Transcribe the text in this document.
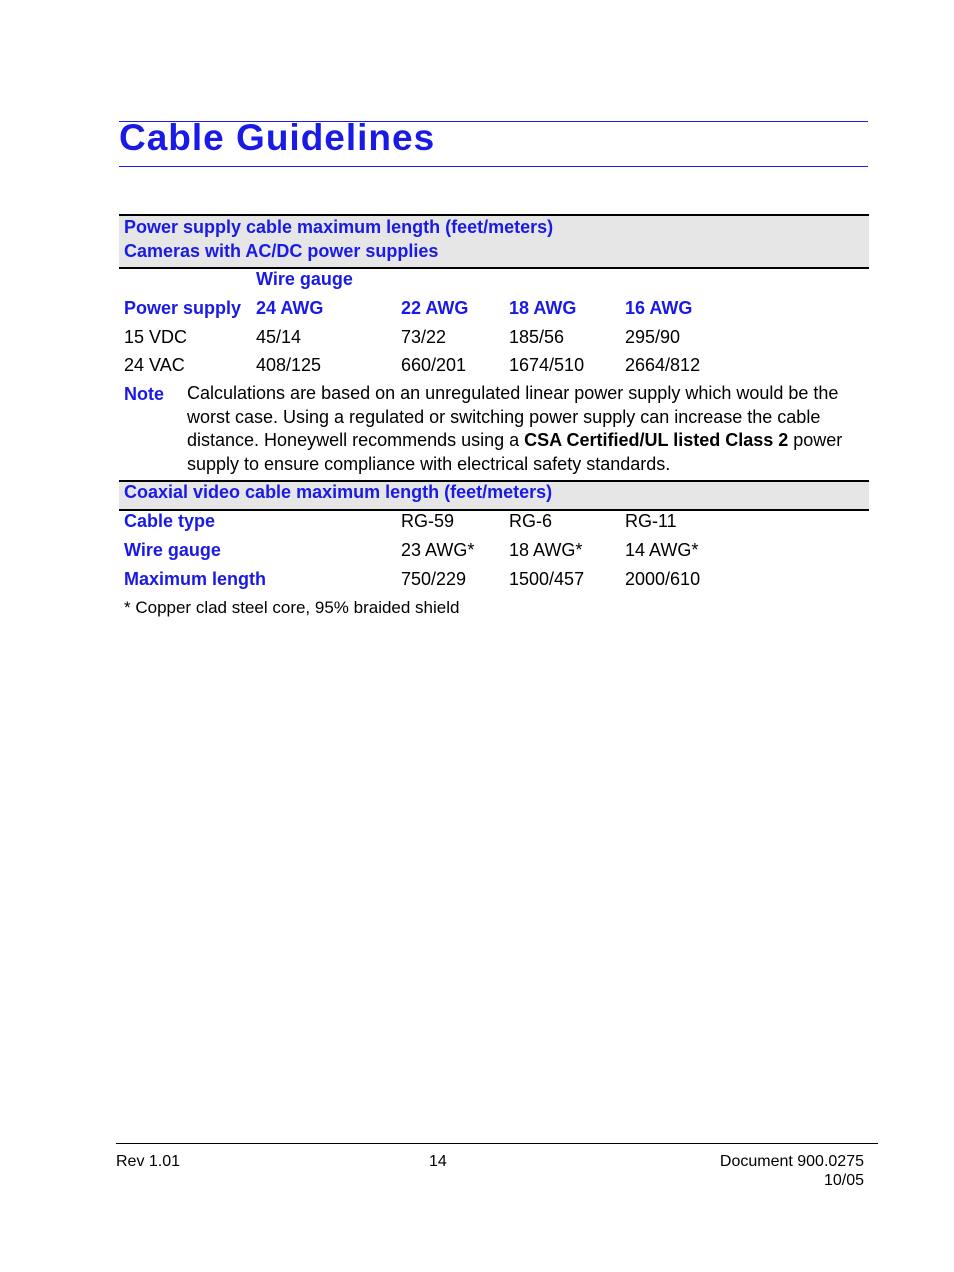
Cable Guidelines
Power supply cable maximum length (feet/meters)
Cameras with AC/DC power supplies
Wire gauge
Power supply 24 AWG	22 AWG 18 AWG	16 AWG
15 VDC	45/14	73/22	185/56	295/90
24 VAC	408/125	660/201 1674/510 2664/812
Note Calculations are based on an unregulated linear power supply which would be the worst case. Using a regulated or switching power supply can increase the cable distance. Honeywell recommends using a CSA Certified/UL listed Class 2 power supply to ensure compliance with electrical safety standards.
Coaxial video cable maximum length (feet/meters)
Cable type	RG-59	RG-6	RG-11
Wire gauge	23 AWG* 18 AWG* 14 AWG*
Maximum length	750/229 1500/457 2000/610
* Copper clad steel core, 95% braided shield
Rev 1.01	14	Document 900.0275
10/05
